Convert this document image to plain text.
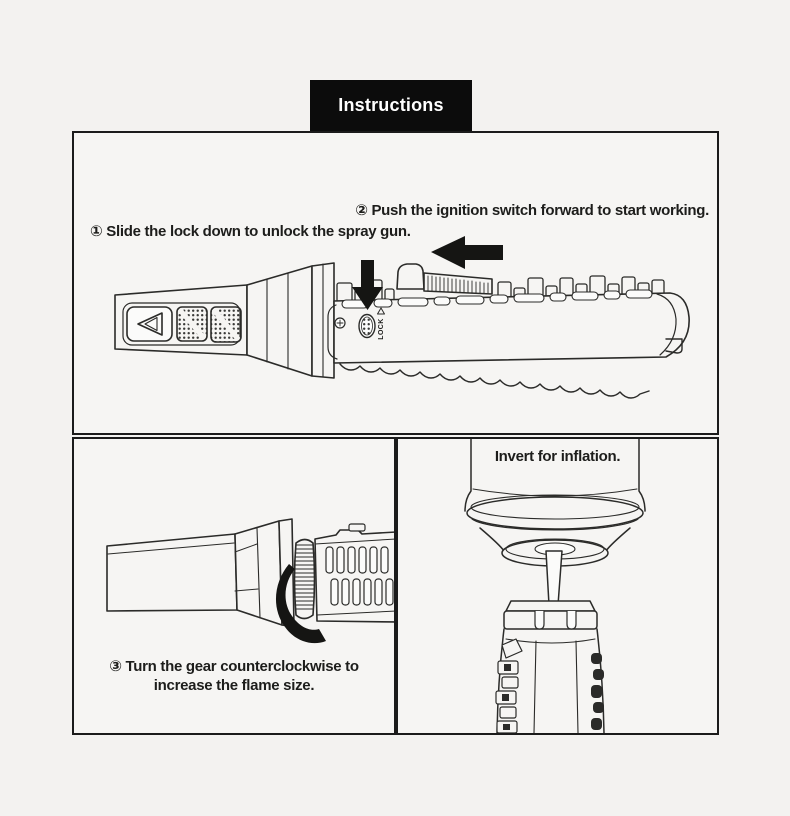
Instructions
② Push the ignition switch forward to start working.
① Slide the lock down to unlock the spray gun.
LOCK
③ Turn the gear counterclockwise to increase the flame size.
Invert for inflation.
